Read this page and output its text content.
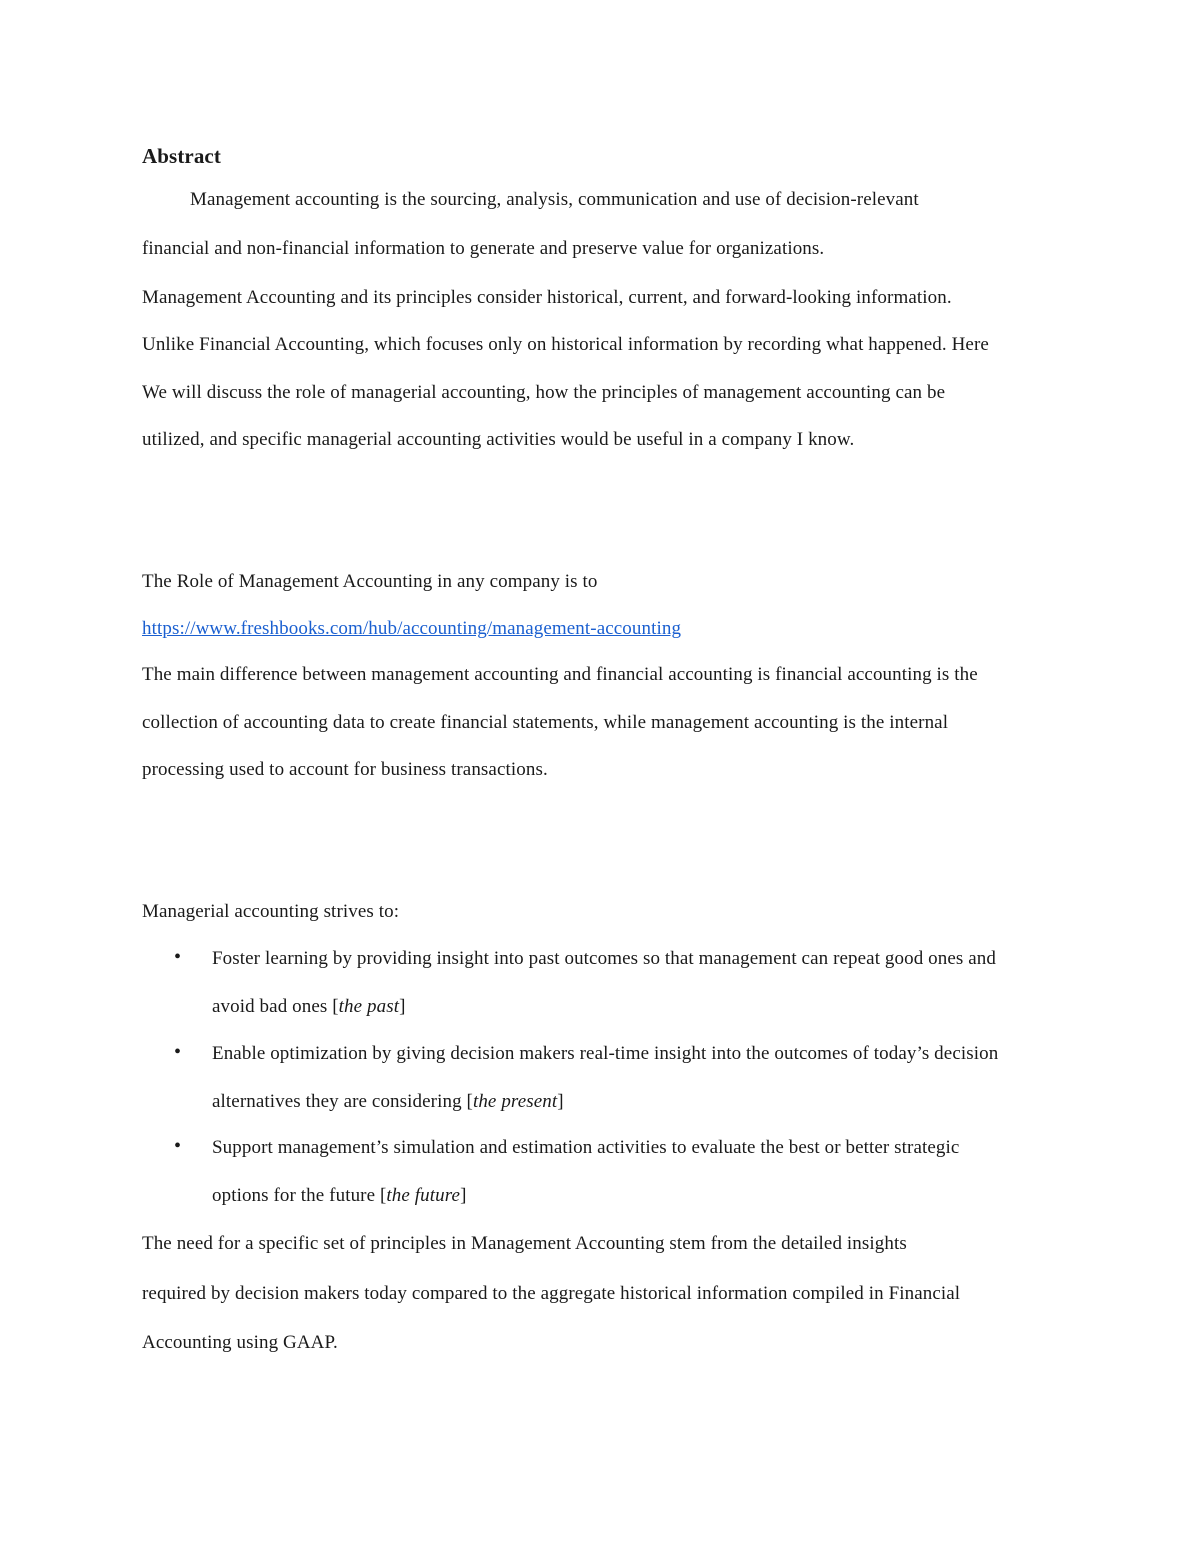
Abstract
Management accounting is the sourcing, analysis, communication and use of decision-relevant
financial and non-financial information to generate and preserve value for organizations.
Management Accounting and its principles consider historical, current, and forward-looking information.
Unlike Financial Accounting, which focuses only on historical information by recording what happened. Here
We will discuss the role of managerial accounting, how the principles of management accounting can be
utilized, and specific managerial accounting activities would be useful in a company I know.
The Role of Management Accounting in any company is to
https://www.freshbooks.com/hub/accounting/management-accounting
The main difference between management accounting and financial accounting is financial accounting is the
collection of accounting data to create financial statements, while management accounting is the internal
processing used to account for business transactions.
Managerial accounting strives to:
• Foster learning by providing insight into past outcomes so that management can repeat good ones and
avoid bad ones [the past]
• Enable optimization by giving decision makers real-time insight into the outcomes of today’s decision
alternatives they are considering [the present]
• Support management’s simulation and estimation activities to evaluate the best or better strategic
options for the future [the future]
The need for a specific set of principles in Management Accounting stem from the detailed insights
required by decision makers today compared to the aggregate historical information compiled in Financial
Accounting using GAAP.
